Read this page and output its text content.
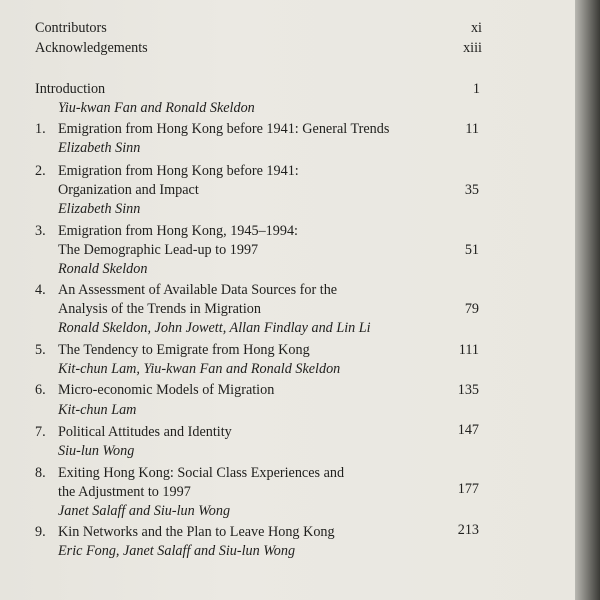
Contributors	xi
Acknowledgements	xiii
Introduction	1
Yiu-kwan Fan and Ronald Skeldon
1. Emigration from Hong Kong before 1941: General Trends	11
Elizabeth Sinn
2. Emigration from Hong Kong before 1941:
Organization and Impact	35
Elizabeth Sinn
3. Emigration from Hong Kong, 1945–1994:
The Demographic Lead-up to 1997	51
Ronald Skeldon
4. An Assessment of Available Data Sources for the
Analysis of the Trends in Migration	79
Ronald Skeldon, John Jowett, Allan Findlay and Lin Li
5. The Tendency to Emigrate from Hong Kong	111
Kit-chun Lam, Yiu-kwan Fan and Ronald Skeldon
6. Micro-economic Models of Migration	135
Kit-chun Lam
7. Political Attitudes and Identity	147
Siu-lun Wong
8. Exiting Hong Kong: Social Class Experiences and
the Adjustment to 1997	177
Janet Salaff and Siu-lun Wong
9. Kin Networks and the Plan to Leave Hong Kong	213
Eric Fong, Janet Salaff and Siu-lun Wong
